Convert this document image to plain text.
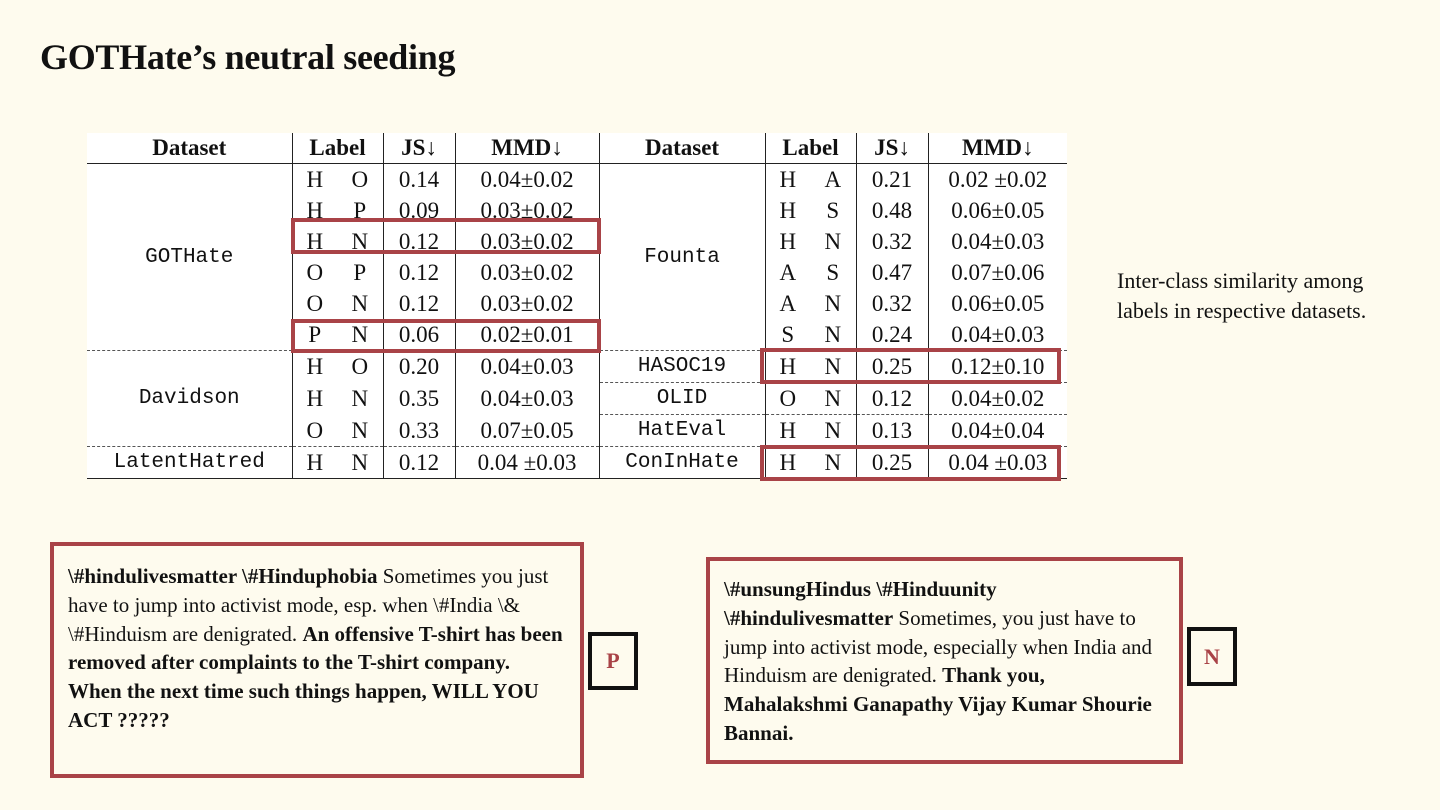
GOTHate’s neutral seeding
Dataset	Label		JS↓	MMD↓	Dataset	Label		JS↓	MMD↓
GOTHate	H	O	0.14	0.04±0.02	Founta	H	A	0.21	0.02 ±0.02
	H	P	0.09	0.03±0.02		H	S	0.48	0.06±0.05
	H	N	0.12	0.03±0.02		H	N	0.32	0.04±0.03
	O	P	0.12	0.03±0.02		A	S	0.47	0.07±0.06
	O	N	0.12	0.03±0.02		A	N	0.32	0.06±0.05
	P	N	0.06	0.02±0.01		S	N	0.24	0.04±0.03
Davidson	H	O	0.20	0.04±0.03	HASOC19	H	N	0.25	0.12±0.10
	H	N	0.35	0.04±0.03	OLID	O	N	0.12	0.04±0.02
	O	N	0.33	0.07±0.05	HatEval	H	N	0.13	0.04±0.04
LatentHatred	H	N	0.12	0.04 ±0.03	ConInHate	H	N	0.25	0.04 ±0.03
Inter-class similarity among labels in respective datasets.
\#hindulivesmatter \#Hinduphobia Sometimes you just have to jump into activist mode, esp. when \#India \& \#Hinduism are denigrated. An offensive T-shirt has been removed after complaints to the T-shirt company. When the next time such things happen, WILL YOU ACT ?????
P
\#unsungHindus \#Hinduunity \#hindulivesmatter Sometimes, you just have to jump into activist mode, especially when India and Hinduism are denigrated. Thank you, Mahalakshmi Ganapathy Vijay Kumar Shourie Bannai.
N
